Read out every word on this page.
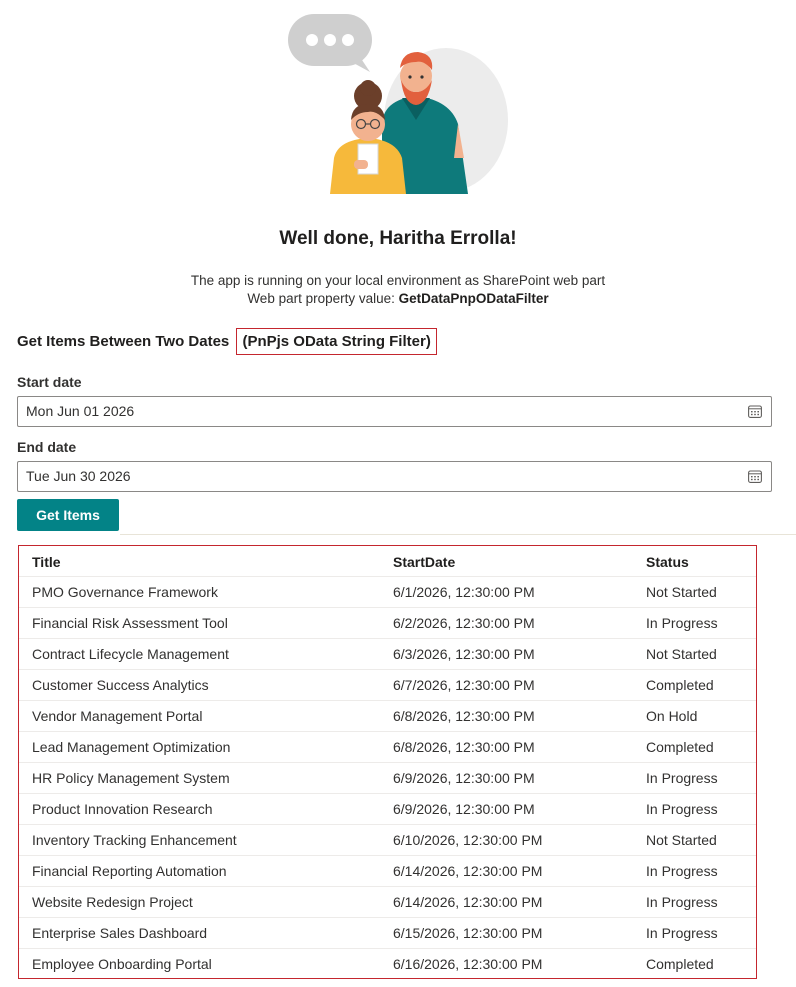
Well done, Haritha Errolla!
The app is running on your local environment as SharePoint web part
Web part property value: GetDataPnpODataFilter
Get Items Between Two Dates (PnPjs OData String Filter)
Start date
Mon Jun 01 2026
End date
Tue Jun 30 2026
Get Items
Title	StartDate	Status
PMO Governance Framework	6/1/2026, 12:30:00 PM	Not Started
Financial Risk Assessment Tool	6/2/2026, 12:30:00 PM	In Progress
Contract Lifecycle Management	6/3/2026, 12:30:00 PM	Not Started
Customer Success Analytics	6/7/2026, 12:30:00 PM	Completed
Vendor Management Portal	6/8/2026, 12:30:00 PM	On Hold
Lead Management Optimization	6/8/2026, 12:30:00 PM	Completed
HR Policy Management System	6/9/2026, 12:30:00 PM	In Progress
Product Innovation Research	6/9/2026, 12:30:00 PM	In Progress
Inventory Tracking Enhancement	6/10/2026, 12:30:00 PM	Not Started
Financial Reporting Automation	6/14/2026, 12:30:00 PM	In Progress
Website Redesign Project	6/14/2026, 12:30:00 PM	In Progress
Enterprise Sales Dashboard	6/15/2026, 12:30:00 PM	In Progress
Employee Onboarding Portal	6/16/2026, 12:30:00 PM	Completed
